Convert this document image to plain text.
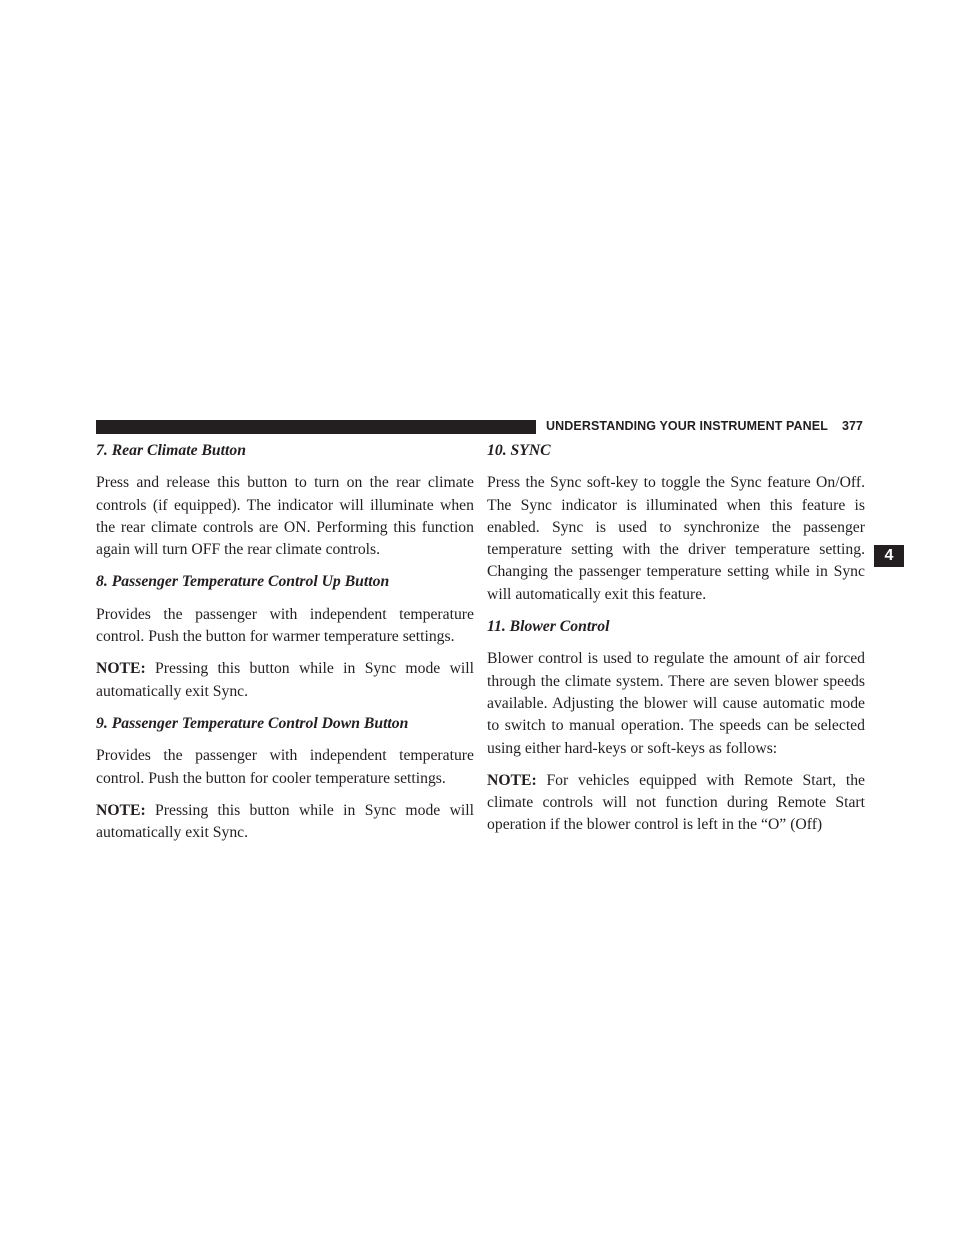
UNDERSTANDING YOUR INSTRUMENT PANEL 377
4
7. Rear Climate Button

Press and release this button to turn on the rear climate controls (if equipped). The indicator will illuminate when the rear climate controls are ON. Performing this function again will turn OFF the rear climate controls.

8. Passenger Temperature Control Up Button

Provides the passenger with independent temperature control. Push the button for warmer temperature settings.

NOTE: Pressing this button while in Sync mode will automatically exit Sync.

9. Passenger Temperature Control Down Button

Provides the passenger with independent temperature control. Push the button for cooler temperature settings.

NOTE: Pressing this button while in Sync mode will automatically exit Sync.

10. SYNC

Press the Sync soft-key to toggle the Sync feature On/Off. The Sync indicator is illuminated when this feature is enabled. Sync is used to synchronize the passenger temperature setting with the driver temperature setting. Changing the passenger temperature setting while in Sync will automatically exit this feature.

11. Blower Control

Blower control is used to regulate the amount of air forced through the climate system. There are seven blower speeds available. Adjusting the blower will cause automatic mode to switch to manual operation. The speeds can be selected using either hard-keys or soft-keys as follows:

NOTE: For vehicles equipped with Remote Start, the climate controls will not function during Remote Start operation if the blower control is left in the “O” (Off)
